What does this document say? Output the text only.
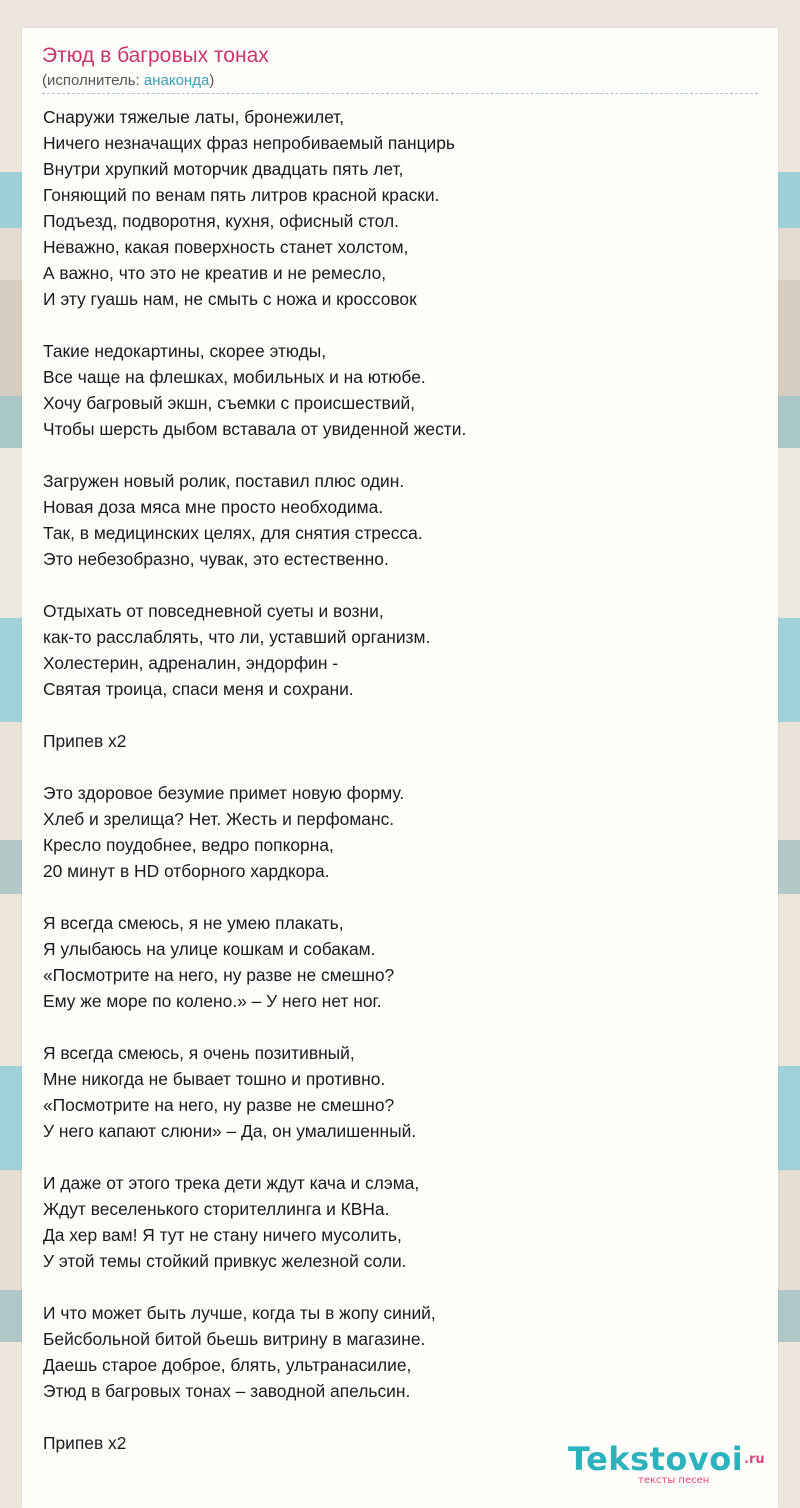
Этюд в багровых тонах
(исполнитель: анаконда)
Снаружи тяжелые латы, бронежилет,
Ничего незначащих фраз непробиваемый панцирь
Внутри хрупкий моторчик двадцать пять лет,
Гоняющий по венам пять литров красной краски.
Подъезд, подворотня, кухня, офисный стол.
Неважно, какая поверхность станет холстом,
А важно, что это не креатив и не ремесло,
И эту гуашь нам, не смыть с ножа и кроссовок
Такие недокартины, скорее этюды,
Все чаще на флешках, мобильных и на ютюбе.
Хочу багровый экшн, съемки с происшествий,
Чтобы шерсть дыбом вставала от увиденной жести.
Загружен новый ролик, поставил плюс один.
Новая доза мяса мне просто необходима.
Так, в медицинских целях, для снятия стресса.
Это небезобразно, чувак, это естественно.
Отдыхать от повседневной суеты и возни,
как-то расслаблять, что ли, уставший организм.
Холестерин, адреналин, эндорфин -
Святая троица, спаси меня и сохрани.
Припев x2
Это здоровое безумие примет новую форму.
Хлеб и зрелища? Нет. Жесть и перфоманс.
Кресло поудобнее, ведро попкорна,
20 минут в HD отборного хардкора.
Я всегда смеюсь, я не умею плакать,
Я улыбаюсь на улице кошкам и собакам.
«Посмотрите на него, ну разве не смешно?
Ему же море по колено.» – У него нет ног.
Я всегда смеюсь, я очень позитивный,
Мне никогда не бывает тошно и противно.
«Посмотрите на него, ну разве не смешно?
У него капают слюни» – Да, он умалишенный.
И даже от этого трека дети ждут кача и слэма,
Ждут веселенького сторителлинга и КВНа.
Да хер вам! Я тут не стану ничего мусолить,
У этой темы стойкий привкус железной соли.
И что может быть лучше, когда ты в жопу синий,
Бейсбольной битой бьешь витрину в магазине.
Даешь старое доброе, блять, ультранасилие,
Этюд в багровых тонах – заводной апельсин.
Припев x2	Tekstovoi .ru
тексты песен
